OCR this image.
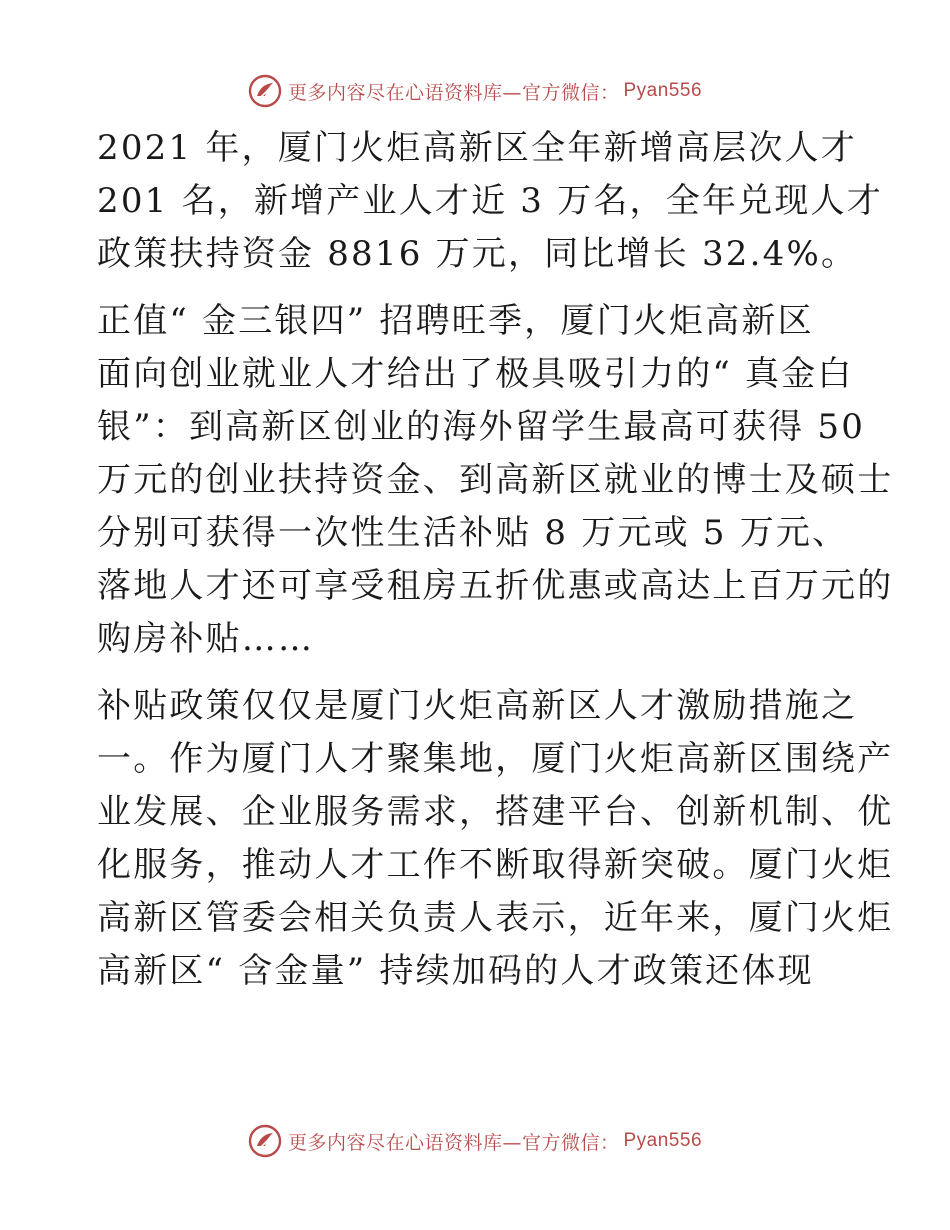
更多内容尽在心语资料库—官方微信： Pyan556

2021 年，厦门火炬高新区全年新增高层次人才
201 名，新增产业人才近 3 万名，全年兑现人才
政策扶持资金 8816 万元，同比增长 32.4%。

正值“ 金三银四” 招聘旺季，厦门火炬高新区
面向创业就业人才给出了极具吸引力的“ 真金白
银”：到高新区创业的海外留学生最高可获得 50
万元的创业扶持资金、到高新区就业的博士及硕士
分别可获得一次性生活补贴 8 万元或 5 万元、
落地人才还可享受租房五折优惠或高达上百万元的
购房补贴……

补贴政策仅仅是厦门火炬高新区人才激励措施之
一。作为厦门人才聚集地，厦门火炬高新区围绕产
业发展、企业服务需求，搭建平台、创新机制、优
化服务，推动人才工作不断取得新突破。厦门火炬
高新区管委会相关负责人表示，近年来，厦门火炬
高新区“ 含金量” 持续加码的人才政策还体现

更多内容尽在心语资料库—官方微信： Pyan556
